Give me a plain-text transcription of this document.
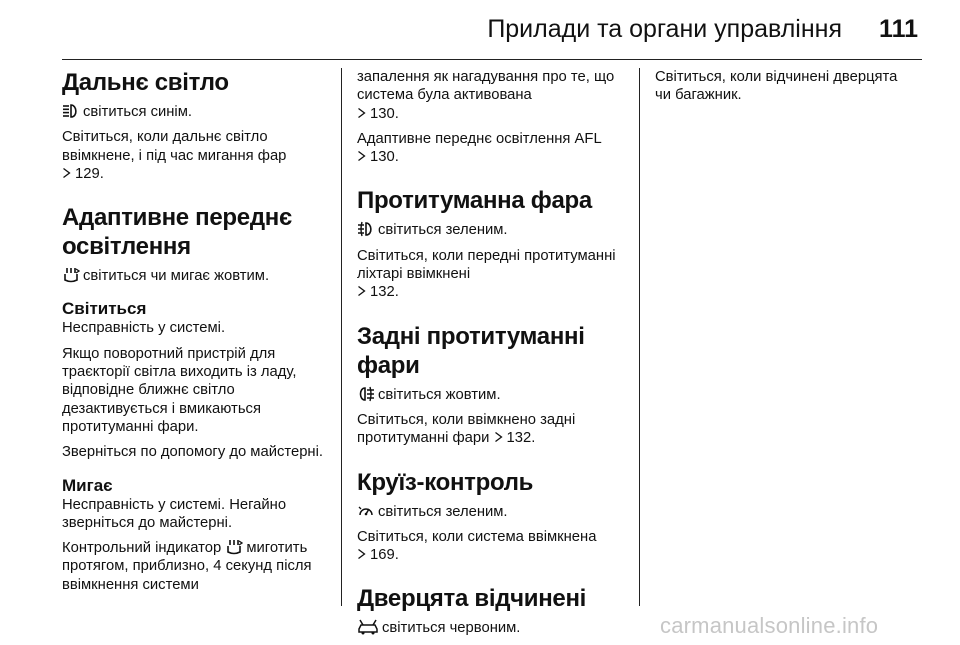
Прилади та органи управління	111
Дальнє світло

світиться синім.

Світиться, коли дальнє світло ввімкнене, і під час мигання фар
129.

Адаптивне переднє освітлення

світиться чи мигає жовтим.

Світиться

Несправність у системі.

Якщо поворотний пристрій для траєкторії світла виходить із ладу, відповідне ближнє світло дезактивується і вмикаються протитуманні фари.

Зверніться по допомогу до майстерні.

Мигає

Несправність у системі. Негайно зверніться до майстерні.

Контрольний індикатор миготить протягом, приблизно, 4 секунд після ввімкнення системи

запалення як нагадування про те, що система була активована
130.

Адаптивне переднє освітлення AFL
130.

Протитуманна фара

світиться зеленим.

Світиться, коли передні протитуманні ліхтарі ввімкнені
132.

Задні протитуманні фари

світиться жовтим.

Світиться, коли ввімкнено задні протитуманні фари 132.

Круїз-контроль

світиться зеленим.

Світиться, коли система ввімкнена
169.

Дверцята відчинені

світиться червоним.

Світиться, коли відчинені дверцята чи багажник.

carmanualsonline.info
